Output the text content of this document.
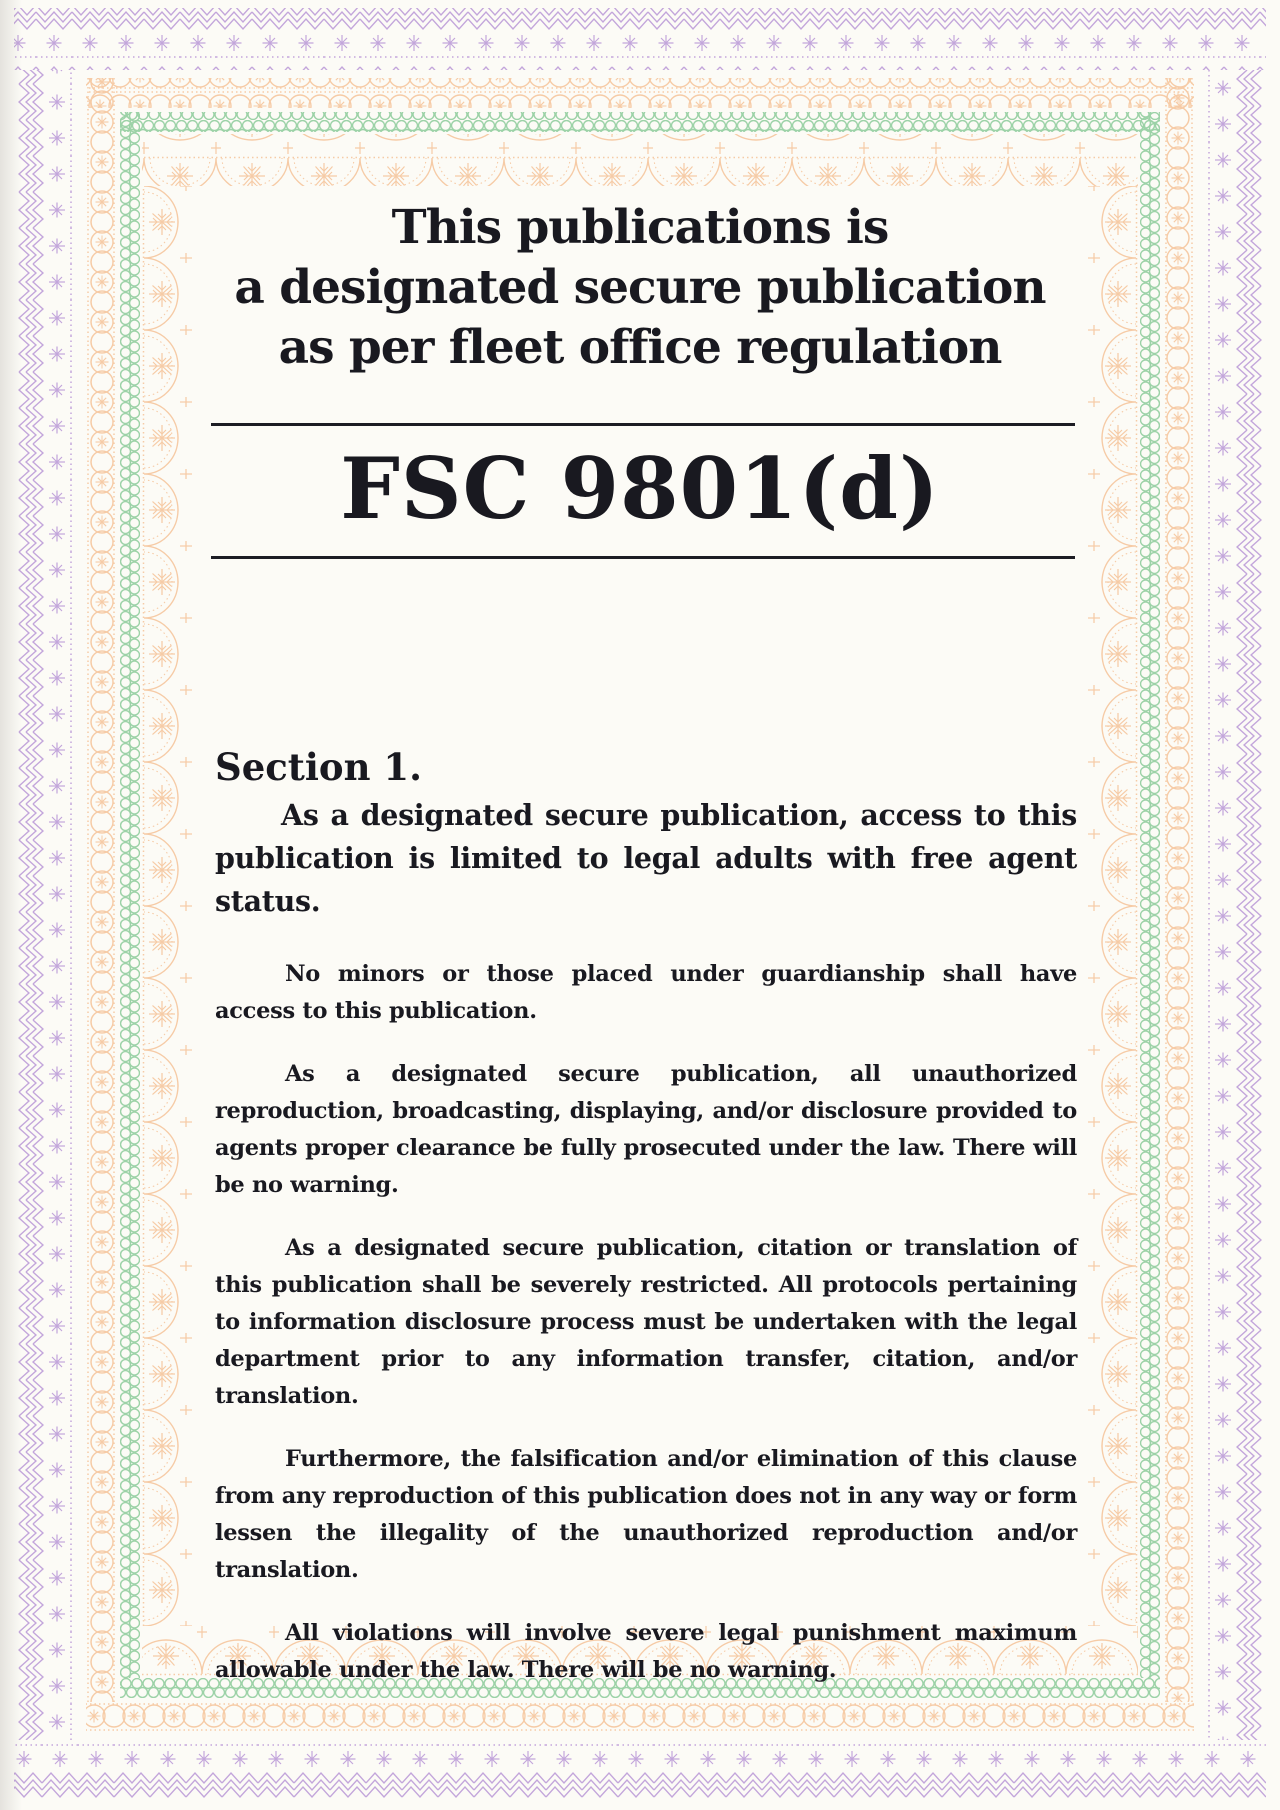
This publications is
a designated secure publication
as per fleet office regulation
FSC 9801(d)
Section 1.
As a designated secure publication, access to this publication is limited to legal adults with free agent status.

No minors or those placed under guardianship shall have access to this publication.

As a designated secure publication, all unauthorized reproduction, broadcasting, displaying, and/or disclosure provided to agents proper clearance be fully prosecuted under the law. There will be no warning.

As a designated secure publication, citation or translation of this publication shall be severely restricted. All protocols pertaining to information disclosure process must be undertaken with the legal department prior to any information transfer, citation, and/or translation.

Furthermore, the falsification and/or elimination of this clause from any reproduction of this publication does not in any way or form lessen the illegality of the unauthorized reproduction and/or translation.

All violations will involve severe legal punishment maximum allowable under the law. There will be no warning.
